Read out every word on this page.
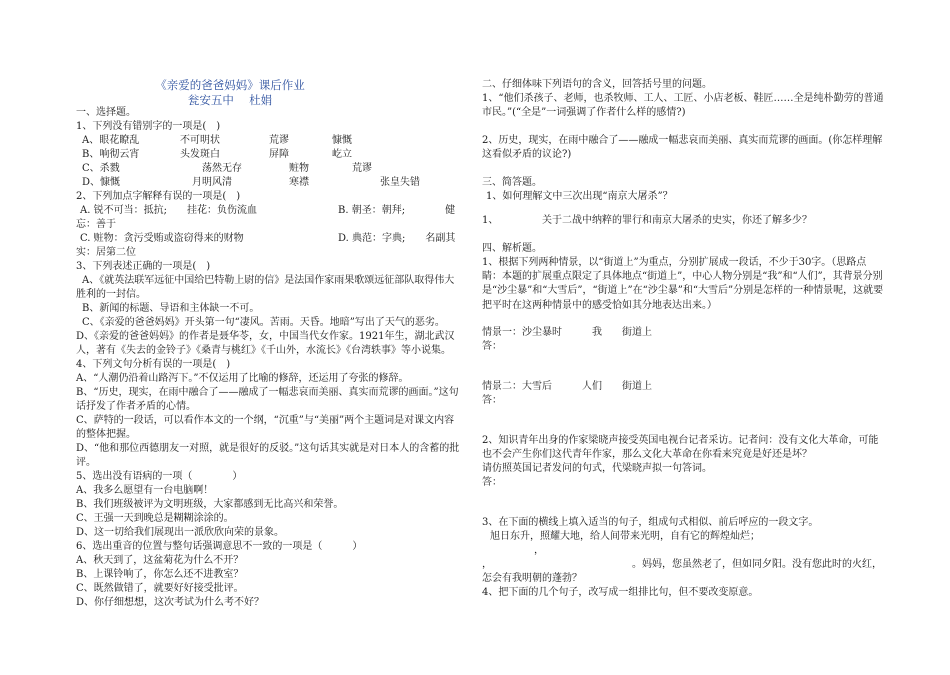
《亲爱的爸爸妈妈》课后作业
瓮安五中　 杜娟
一、选择题。
1、下列没有错别字的一项是(　)
A、眼花瞭乱	不可明状	荒谬	慷慨
B、响彻云宵	头发斑白	屏障	屹立
C、杀戮	荡然无存	赃物	荒谬
D、慷慨	月明风清	寒襟	张皇失错
2、下列加点字解释有误的一项是(　)
A. 锐不可当：抵抗;　　挂花：负伤流血	B. 朝圣：朝拜;　　　　健
忘：善于
C. 赃物：贪污受贿或盗窃得来的财物	D. 典范：字典;　　名副其
实：居第二位
3、下列表述正确的一项是(　)
A、《就英法联军远征中国给巴特勒上尉的信》是法国作家雨果歌颂远征部队取得伟大胜利的一封信。
B、新闻的标题、导语和主体缺一不可。
C、《亲爱的爸爸妈妈》开头第一句“凄风。苦雨。天昏。地暗”写出了天气的恶劣。
D、《亲爱的爸爸妈妈》的作者是聂华苓，女，中国当代女作家。1921年生，湖北武汉人，著有《失去的金铃子》《桑青与桃红》《千山外，水流长》《台湾轶事》等小说集。
4、下列文句分析有误的一项是(　)
A、“人潮仍沿着山路泻下。”不仅运用了比喻的修辞，还运用了夸张的修辞。
B、“历史，现实，在雨中融合了——融成了一幅悲哀而美丽、真实而荒谬的画面。”这句话抒发了作者矛盾的心情。
C、萨特的一段话，可以看作本文的一个纲，“沉重”与“美丽”两个主题词是对课文内容的整体把握。
D、“他和那位西德朋友一对照，就是很好的反驳。”这句话其实就是对日本人的含蓄的批评。
5、选出没有语病的一项（　　　　）
A、我多么愿望有一台电脑啊！
B、我们班级被评为文明班级，大家都感到无比高兴和荣誉。
C、王强一天到晚总是糊糊涂涂的。
D、这一切给我们展现出一派欣欣向荣的景象。
6、选出重音的位置与整句话强调意思不一致的一项是（　　　）
A、秋天到了，这盆菊花为什么不开？
B、上课铃响了，你怎么还不进教室？
C、既然做错了，就要好好接受批评。
D、你仔细想想，这次考试为什么考不好？
二、仔细体味下列语句的含义，回答括号里的问题。
1、“他们杀孩子、老师，也杀牧师、工人、工匠、小店老板、鞋匠……全是纯朴勤劳的普通市民。”(“全是”一词强调了作者什么样的感情?)
2、历史，现实，在雨中融合了——融成一幅悲哀而美丽、真实而荒谬的画面。(你怎样理解这看似矛盾的议论?)
三、简答题。
1、如何理解文中三次出现“南京大屠杀”？
1、	关于二战中纳粹的罪行和南京大屠杀的史实，你还了解多少？
四、解析题。
1、根据下列两种情景，以“街道上”为重点，分别扩展成一段话，不少于30字。（思路点睛：本题的扩展重点限定了具体地点“街道上”，中心人物分别是“我”和“人们”，其背景分别是“沙尘暴”和“大雪后”，“街道上”在“沙尘暴”和“大雪后”分别是怎样的一种情景呢，这就要把平时在这两种情景中的感受恰如其分地表达出来。）
情景一：沙尘暴时	我 街道上
答：
情景二：大雪后	人们 街道上
答：
2、知识青年出身的作家梁晓声接受英国电视台记者采访。记者问：没有文化大革命，可能也不会产生你们这代青年作家，那么文化大革命在你看来究竟是好还是坏？
请仿照英国记者发问的句式，代梁晓声拟一句答词。
答：
3、在下面的横线上填入适当的句子，组成句式相似、前后呼应的一段文字。
旭日东升，照耀大地，给人间带来光明，自有它的辉煌灿烂；
，
，	。妈妈，您虽然老了，但如同夕阳。没有您此时的火红，怎会有我明朝的蓬勃？
4、把下面的几个句子，改写成一组排比句，但不要改变原意。
